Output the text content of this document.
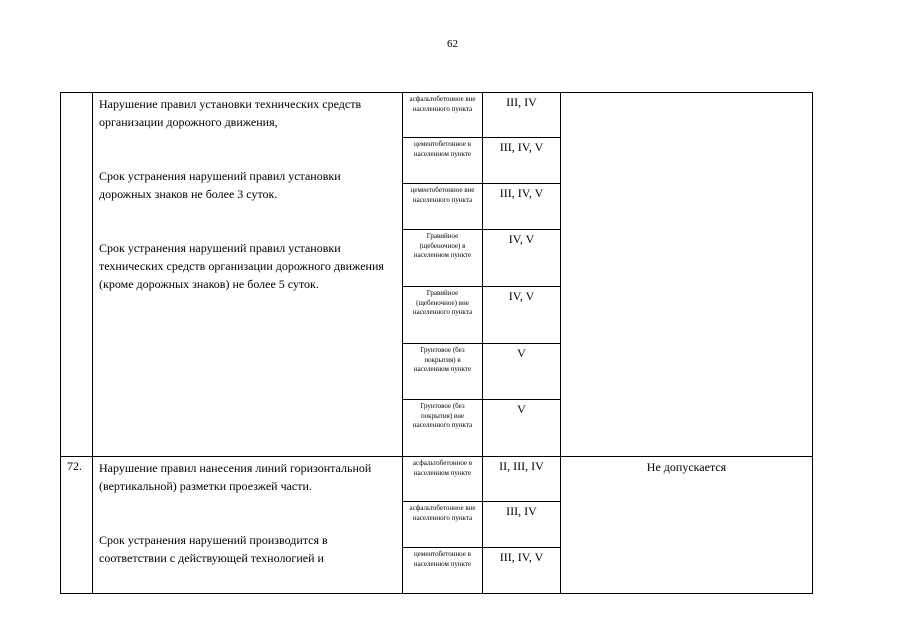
62

	Нарушение правил установки технических средств организации дорожного движения,

Срок устранения нарушений правил установки дорожных знаков не более 3 суток.

Срок устранения нарушений правил установки технических средств организации дорожного движения (кроме дорожных знаков) не более 5 суток.	асфальтобетонное вне населенного пункта	III, IV	
		цементобетонное в населенном пункте	III, IV, V	
		цементобетонное вне населенного пункта	III, IV, V	
		Гравийное (щебеночное) в населенном пункте	IV, V	
		Гравийное (щебеночное) вне населенного пункта	IV, V	
		Грунтовое (без покрытия) в населенном пункте	V	
		Грунтовое (без покрытия) вне населенного пункта	V	
72.	Нарушение правил нанесения линий горизонтальной (вертикальной) разметки проезжей части.

Срок устранения нарушений производится в соответствии с действующей технологией и	асфальтобетонное в населенном пункте	II, III, IV	Не допускается
		асфальтобетонное вне населенного пункта	III, IV	
		цементобетонное в населенном пункте	III, IV, V	
